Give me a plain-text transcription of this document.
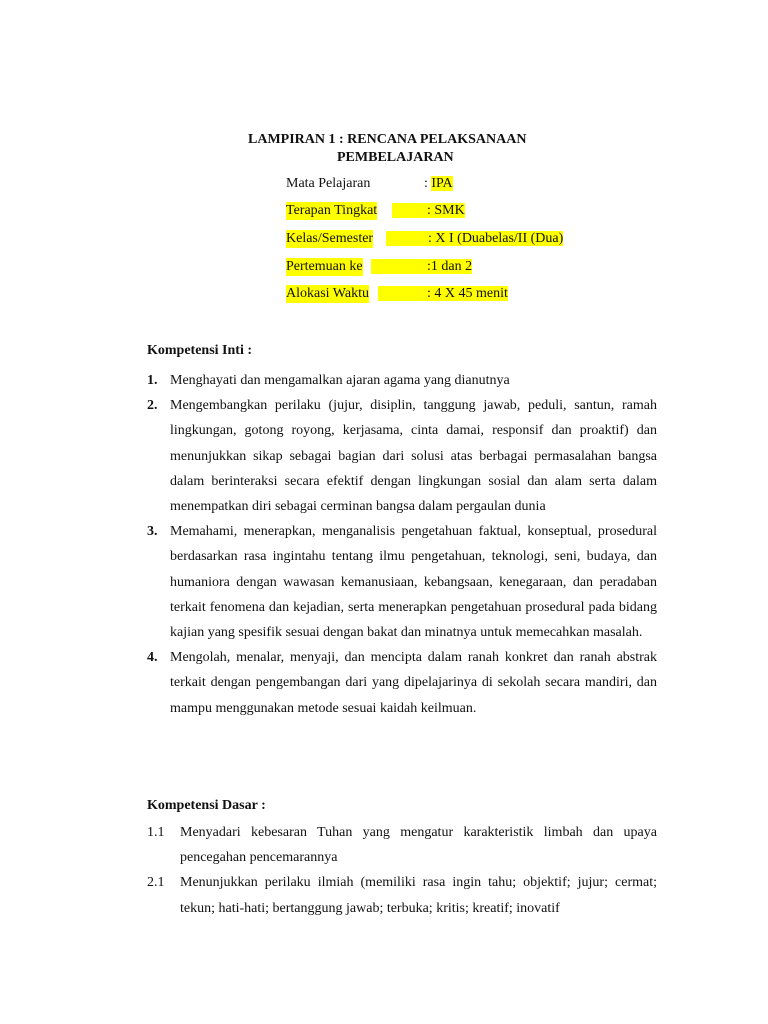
LAMPIRAN 1 : RENCANA PELAKSANAAN
PEMBELAJARAN
Mata Pelajaran	: IPA
Terapan Tingkat	: SMK
Kelas/Semester	: X I (Duabelas/II (Dua)
Pertemuan ke	:1 dan 2
Alokasi Waktu	: 4 X 45 menit
Kompetensi Inti :
1. Menghayati dan mengamalkan ajaran agama yang dianutnya
2. Mengembangkan perilaku (jujur, disiplin, tanggung jawab, peduli, santun, ramah lingkungan, gotong royong, kerjasama, cinta damai, responsif dan proaktif) dan menunjukkan sikap sebagai bagian dari solusi atas berbagai permasalahan bangsa dalam berinteraksi secara efektif dengan lingkungan sosial dan alam serta dalam menempatkan diri sebagai cerminan bangsa dalam pergaulan dunia
3. Memahami, menerapkan, menganalisis pengetahuan faktual, konseptual, prosedural berdasarkan rasa ingintahu tentang ilmu pengetahuan, teknologi, seni, budaya, dan humaniora dengan wawasan kemanusiaan, kebangsaan, kenegaraan, dan peradaban terkait fenomena dan kejadian, serta menerapkan pengetahuan prosedural pada bidang kajian yang spesifik sesuai dengan bakat dan minatnya untuk memecahkan masalah.
4. Mengolah, menalar, menyaji, dan mencipta dalam ranah konkret dan ranah abstrak terkait dengan pengembangan dari yang dipelajarinya di sekolah secara mandiri, dan mampu menggunakan metode sesuai kaidah keilmuan.
Kompetensi Dasar :
1.1 Menyadari kebesaran Tuhan yang mengatur karakteristik limbah dan upaya pencegahan pencemarannya
2.1 Menunjukkan perilaku ilmiah (memiliki rasa ingin tahu; objektif; jujur; cermat; tekun; hati-hati; bertanggung jawab; terbuka; kritis; kreatif; inovatif
